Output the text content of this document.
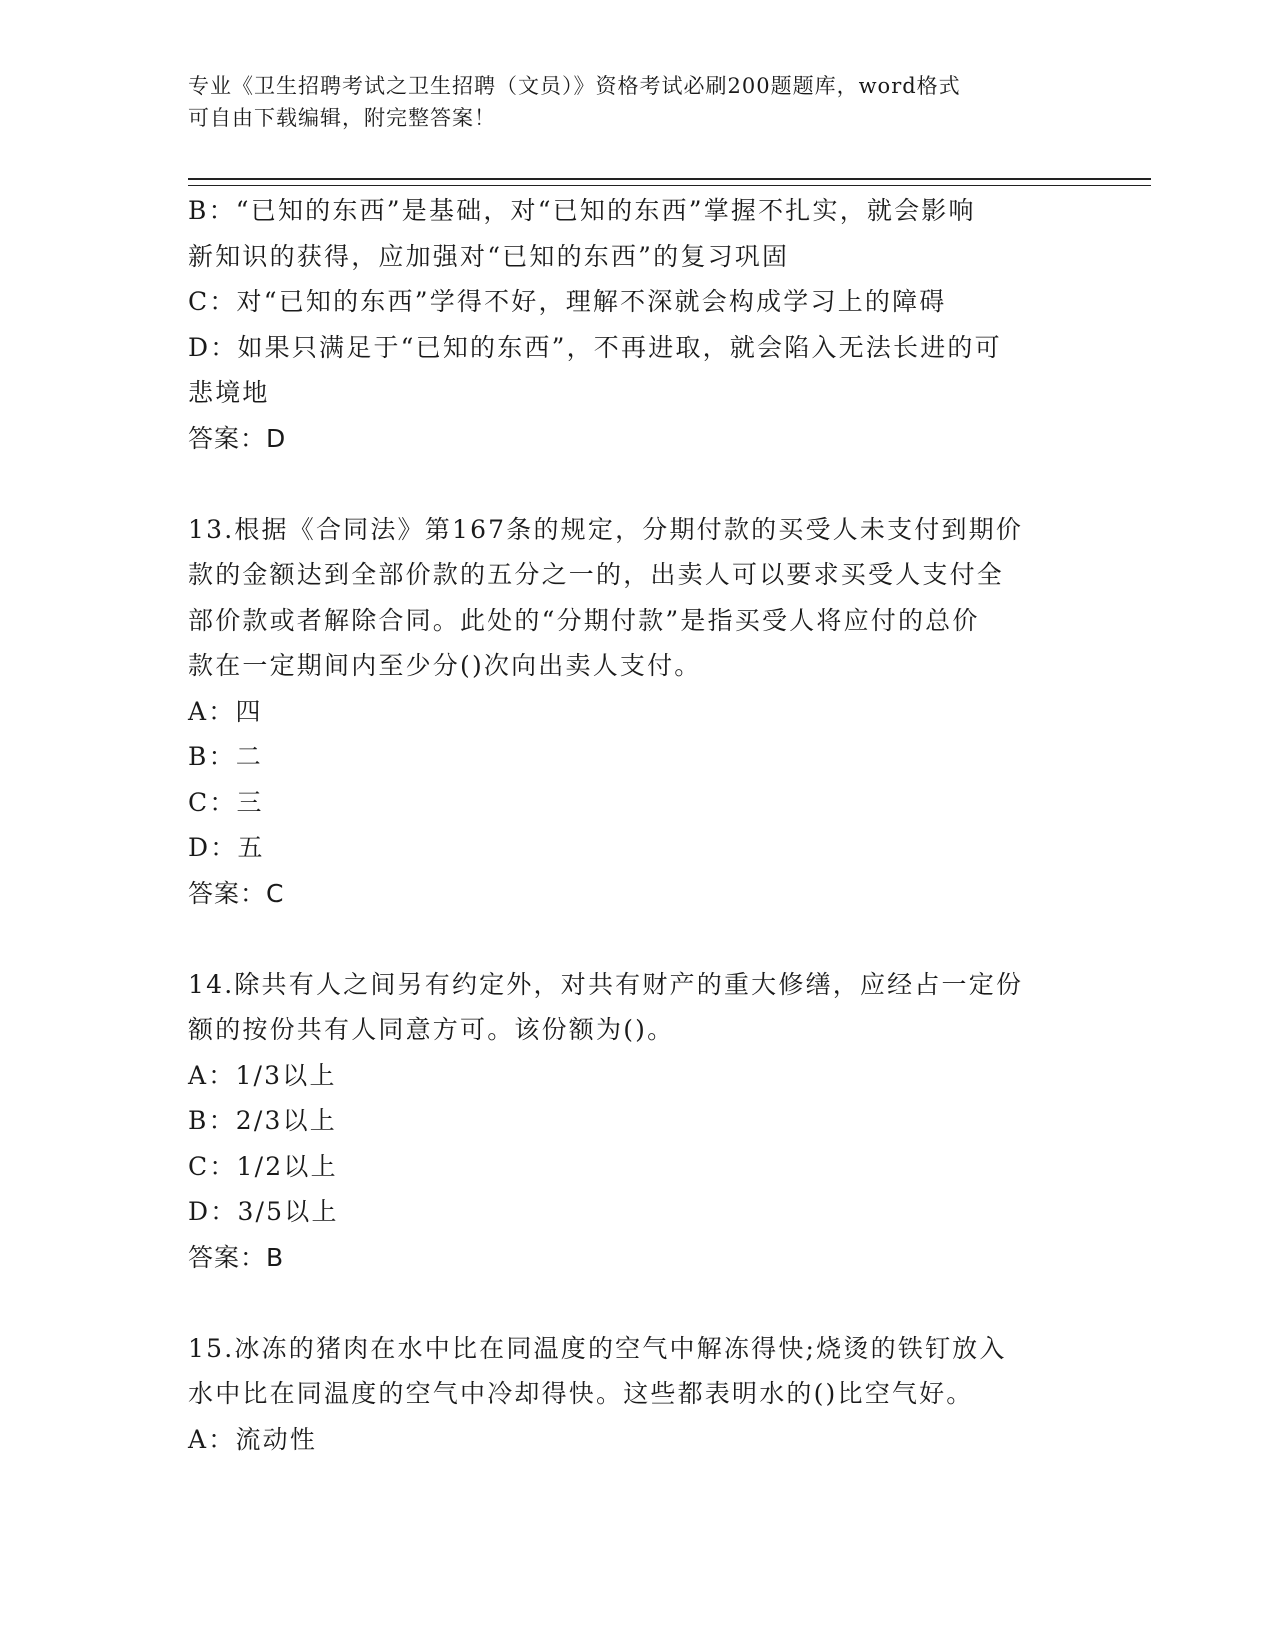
专业《卫生招聘考试之卫生招聘（文员）》资格考试必刷200题题库，word格式
可自由下载编辑，附完整答案！
B：“已知的东西”是基础，对“已知的东西”掌握不扎实，就会影响
新知识的获得，应加强对“已知的东西”的复习巩固
C：对“已知的东西”学得不好，理解不深就会构成学习上的障碍
D：如果只满足于“已知的东西”，不再进取，就会陷入无法长进的可
悲境地
答案：D
13.根据《合同法》第167条的规定，分期付款的买受人未支付到期价
款的金额达到全部价款的五分之一的，出卖人可以要求买受人支付全
部价款或者解除合同。此处的“分期付款”是指买受人将应付的总价
款在一定期间内至少分()次向出卖人支付。
A：四
B：二
C：三
D：五
答案：C
14.除共有人之间另有约定外，对共有财产的重大修缮，应经占一定份
额的按份共有人同意方可。该份额为()。
A：1/3以上
B：2/3以上
C：1/2以上
D：3/5以上
答案：B
15.冰冻的猪肉在水中比在同温度的空气中解冻得快;烧烫的铁钉放入
水中比在同温度的空气中冷却得快。这些都表明水的()比空气好。
A：流动性
